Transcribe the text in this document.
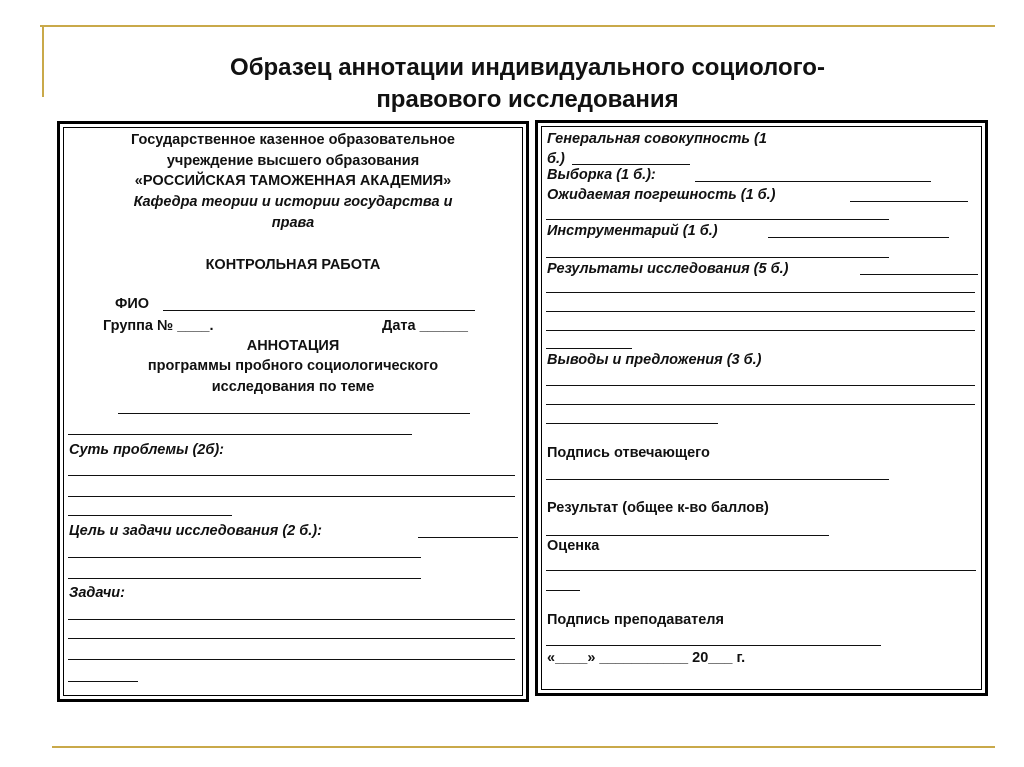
Образец аннотации индивидуального социолого-
правового исследования
Государственное казенное образовательное
учреждение высшего образования
«РОССИЙСКАЯ ТАМОЖЕННАЯ АКАДЕМИЯ»
Кафедра теории и истории государства и
права
КОНТРОЛЬНАЯ РАБОТА
ФИО
Группа № ____.	Дата ______
АННОТАЦИЯ
программы пробного социологического
исследования по теме
Суть проблемы (2б):
Цель и задачи исследования (2 б.):
Задачи:
Генеральная совокупность (1
б.)
Выборка (1 б.):
Ожидаемая погрешность (1 б.)
Инструментарий (1 б.)
Результаты исследования (5 б.)
Выводы и предложения (3 б.)
Подпись отвечающего
Результат (общее к-во баллов)
Оценка
Подпись преподавателя
«____» ___________ 20___ г.
